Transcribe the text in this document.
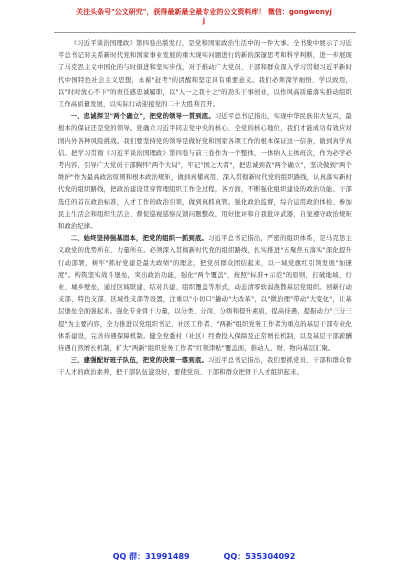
关注头条号"公文研究"，获得最新最全最专业的公文资料库！ 微信：gongwenyj
j

《习近平谈治国理政》第四卷出版发行，是党和国家政治生活中的一件大事。全书集中展示了习近平总书记对关系新时代党和国家事业发展的重大现实问题进行的新的深邃思考和科学判断，进一步展现了马克思主义中国化的与时俱进和坚实步伐，对于推动广大党员、干部和群众深入学习贯彻习近平新时代中国特色社会主义思想，永葆"赶考"的清醒和坚定具有重要意义。我们必须深学细悟、学以致用，以"时时放心不下"的责任感忠诚履职，以"人一之我十之"的劲头干事创业，以作风高质量落实推动组织工作高质量发展，以实际行动迎接党的二十大胜利召开。

一、忠诚捍卫"两个确立"，把党的领导一贯到底。习近平总书记指出，实现中华民族伟大复兴，最根本的保证还是党的领导。党确立习近平同志党中央的核心、全党的核心地位，我们才能成功有效应对国内外各种风险挑战。我们要坚持党的领导是做好党和国家各项工作的根本保证这一信条，做到真学真信。把学习贯彻《习近平谈治国理政》第四卷与前三卷作为一个整体，一体纳入主体班次，作为必学必考内容，引导广大党员干部胸怀"两个大局"，牢记"国之大者"，把忠诚到我"两个确立"，坚决做到"两个维护"作为最高政治原则和根本政治规矩，做到真懂真用、深入贯彻新时代党的组织路线，认真落实新时代党的组织路线，把政治建设贯穿管理组织工作全过程，各方面，不断强化组织建设的政治功能。干部选任的首在政治标准，人才工作的政治引领，做到真抓真管。强化政治监督，综合运用政治体检、参加民主生活会和组织生活会、督促巡视巡察反馈问题整改，用好批评和自我批评武器，自觉遵守政治规矩和政治纪律。

二、始终坚持强基固本，把党的组织一抓到底。习近平总书记指出，严密的组织体系，是马克思主义政党的优势所在、力量所在。必须深入贯彻新时代党的组织路线，扎实推进"五聚焦五落实"深化提升行动部署，树牢"抓好党建是最大政绩"的理念，把党员群众团结起来，以一域党旗红引领发展"加速度"。构筑坚实战斗堡垒，突出政治功能，强化"两个覆盖"，按照"标准+示范"的原则，打破地域、行业、城乡壁垒，通过区域联建、结对共建、组织覆盖等形式，动态清零软弱涣散基层党组织。创新行动支部、特色支部、区域性支部等设置，注重以"小切口"撬动"大改革"，以"微治理"带动"大变化"，让基层堡垒全面强起来。强化专业骨干力量，以分类、分岗、分级和提升素质，提高待遇，提振动力"三分三提"为主要内容，全力推进以党组织书记、社区工作者、"两新"组织党务工作者为重点的基层干部专业化体系建设，完善待遇保障机制。健全党委村（社区）经费投入保障及正常增长机制，以及基层干部薪酬待遇自然增长机制，扩大"两新"组织党务工作者"红领津贴"覆盖面，推动人、财、物向基层汇聚。

三、建强配好班子队伍，把党的决策一落到底。习近平总书记指出，我们要抓党员、干部和群众骨干人才的政治素养，把干部队伍建设好，要使党员、干部和群众把骨干人才组织起来。

QQ 群：31991489	QQ：535304092
